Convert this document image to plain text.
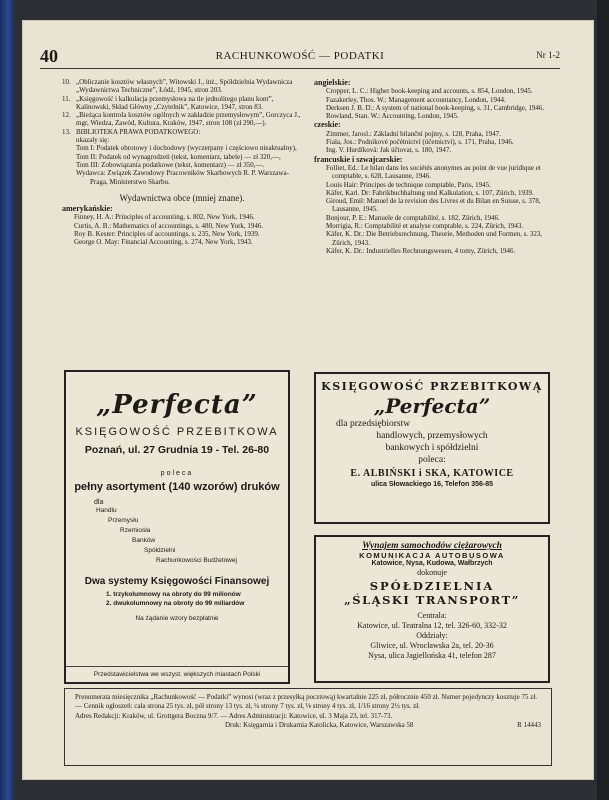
40	RACHUNKOWOŚĆ — PODATKI	Nr 1-2
10. „Obliczanie kosztów własnych”, Witowski J., inż., Spółdzielnia Wydawnicza „Wydawnictwa Techniczne”, Łódź, 1945, stron 203.
11. „Księgowość i kalkulacja przemysłowa na tle jednolitego planu kont”, Kalinowski, Skład Główny „Czytelnik”, Katowice, 1947, stron 83.
12. „Bieżąca kontrola kosztów ogólnych w zakładzie przemysłowym”, Gorczyca J., mgr, Wiedza, Zawód, Kultura, Kraków, 1947, stron 108 (zł 290,—).
13. BIBLIOTEKA PRAWA PODATKOWEGO:

ukazały się:

Tom I: Podatek obrotowy i dochodowy (wyczerpany i częściowo nieaktualny),

Tom II: Podatek od wynagrodzeń (tekst, komentarz, tabele) — zł 320,—,

Tom III: Zobowiązania podatkowe (tekst, komentarz) — zł 350,—.

Wydawca: Związek Zawodowy Pracowników Skarbowych R. P. Warszawa-Praga, Ministerstwo Skarbu.

Wydawnictwa obce (mniej znane).
amerykańskie:

Finney, H. A.: Principles of accounting, s. 802, New York, 1946.

Curtis, A. B.: Mathematics of accountings, s. 480, New York, 1946.

Roy B. Kester: Principles of accountings, s. 235, New York, 1939.

George O. May: Financial Accounting, s. 274, New York, 1943.

angielskie:

Cropper, L. C.: Higher book-keeping and accounts, s. 854, London, 1945.

Fazakerley, Thos. W.: Management accountancy, London, 1944.

Derksen J. B. D.: A system of national book-keeping, s. 31, Cambridge, 1946.

Rowland, Stan. W.: Accounting, London, 1945.

czeskie:

Zimmer, Jarosl.: Základní bilanční pojmy, s. 128, Praha, 1947.

Fiala, Jos.: Podnikové počétnictví (účetnictví), s. 171, Praha, 1946.

Ing. V. Hurdíková: Jak účtovat, s. 180, 1947.

francuskie i szwajcarskie:

Folliet, Ed.: Le bilan dans les sociétés anonymes au point de vue juridique et comptable, s. 628, Lausanne, 1946.

Louis Hair: Principes de technique comptable, Paris, 1945.

Käfer, Karl. Dr: Fabrikbuchhaltung und Kalkulation, s. 107, Zürich, 1939.

Giroud, Emil: Manuel de la revision des Livres et du Bilan en Suisse, s. 378, Lausanne, 1945.

Bonjour, P. E.: Manuele de comptabilité, s. 182, Zürich, 1946.

Morrigia, R.: Comptabilité et analyse comptable, s. 224, Zürich, 1943.

Käfer, K. Dr.: Die Betriebsrechnung, Theorie, Methoden und Formen, s. 323, Zürich, 1943.

Käfer, K. Dr.: Industrielles Rechnungswesen, 4 tomy, Zürich, 1946.

„Perfecta”
KSIĘGOWOŚĆ PRZEBITKOWA
Poznań, ul. 27 Grudnia 19 - Tel. 26-80
poleca
pełny asortyment (140 wzorów) druków
dla
Handlu
Przemysłu
Rzemiosła
Banków
Spółdzielni
Rachunkowości Budżetowej
Dwa systemy Księgowości Finansowej
1. trzykolumnowy na obroty do 99 milionów
2. dwukolumnowy na obroty do 99 miliardów
Na żądanie wzory bezpłatnie
Przedstawicielstwa we wszyst. większych miastach Polski
KSIĘGOWOŚĆ PRZEBITKOWĄ
„Perfecta”
dla przedsiębiorstw
handlowych, przemysłowych
bankowych i spółdzielni
poleca:
E. ALBIŃSKI i SKA, KATOWICE
ulica Słowackiego 16, Telefon 356-85
Wynajem samochodów ciężarowych
KOMUNIKACJA AUTOBUSOWA
Katowice, Nysa, Kudowa, Wałbrzych
dokonuje
SPÓŁDZIELNIA
„ŚLĄSKI TRANSPORT”
Centrala:
Katowice, ul. Teatralna 12, tel. 326-60, 332-32
Oddziały:
Gliwice, ul. Wrocławska 2a, tel. 20-36
Nysa, ulica Jagiellońska 41, telefon 287

Prenumerata miesięcznika „Rachunkowość — Podatki” wynosi (wraz z przesyłką pocztową) kwartalnie 225 zł, półrocznie 450 zł. Numer pojedynczy kosztuje 75 zł. — Cennik ogłoszeń: cała strona 25 tys. zł, pół strony 13 tys. zł, ¼ strony 7 tys. zł, ⅛ strony 4 tys. zł, 1/16 strony 2½ tys. zł.

Adres Redakcji: Kraków, ul. Grottgera Boczna 9/7. — Adres Administracji: Katowice, ul. 3 Maja 23, tel. 317-73.

Druk: Księgarnia i Drukarnia Katolicka, Katowice, Warszawska 58	R 14443
